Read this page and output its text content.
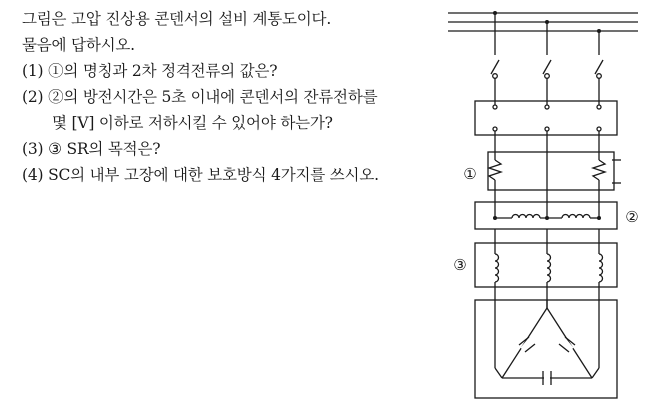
그림은 고압 진상용 콘덴서의 설비 계통도이다.
물음에 답하시오.
(1) ①의 명칭과 2차 정격전류의 값은?
(2) ②의 방전시간은 5초 이내에 콘덴서의 잔류전하를
몇 [V] 이하로 저하시킬 수 있어야 하는가?
(3) ③ SR의 목적은?
(4) SC의 내부 고장에 대한 보호방식 4가지를 쓰시오.	①
②
③
